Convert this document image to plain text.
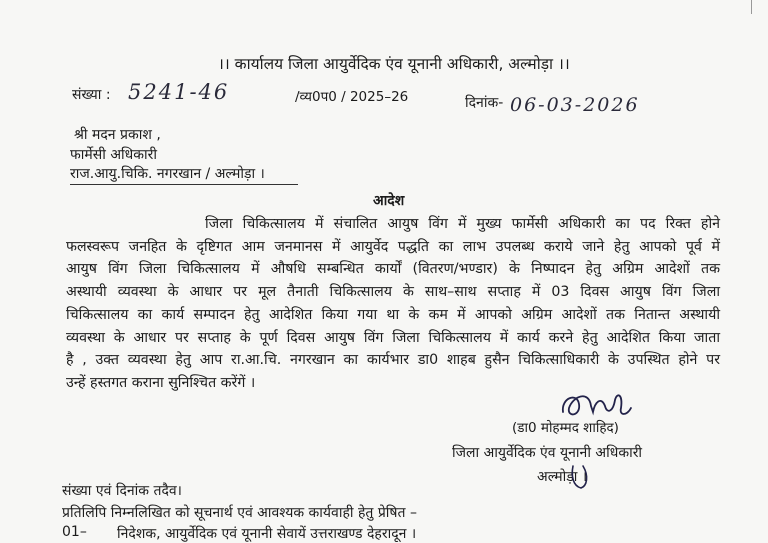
।। कार्यालय जिला आयुर्वेदिक एंव यूनानी अधिकारी, अल्मोड़ा ।।
संख्या : 5241-46	/व्य0प0 / 2025–26	दिनांक- 06-03-2026
श्री मदन प्रकाश ,
फार्मेसी अधिकारी
राज.आयु.चिकि. नगरखान / अल्मोड़ा ।
आदेश
जिला चिकित्सालय में संचालित आयुष विंग में मुख्य फार्मेसी अधिकारी का पद रिक्त होने
फलस्वरूप जनहित के दृष्टिगत आम जनमानस में आयुर्वेद पद्धति का लाभ उपलब्ध कराये जाने हेतु आपको पूर्व में
आयुष विंग जिला चिकित्सालय में औषधि सम्बन्धित कार्यों (वितरण/भण्डार) के निष्पादन हेतु अग्रिम आदेशों तक
अस्थायी व्यवस्था के आधार पर मूल तैनाती चिकित्सालय के साथ–साथ सप्ताह में 03 दिवस आयुष विंग जिला
चिकित्सालय का कार्य सम्पादन हेतु आदेशित किया गया था के कम में आपको अग्रिम आदेशों तक नितान्त अस्थायी
व्यवस्था के आधार पर सप्ताह के पूर्ण दिवस आयुष विंग जिला चिकित्सालय में कार्य करने हेतु आदेशित किया जाता
है , उक्त व्यवस्था हेतु आप रा.आ.चि. नगरखान का कार्यभार डा0 शाहब हुसैन चिकित्साधिकारी के उपस्थित होने पर
उन्हें हस्तगत कराना सुनिश्चित करेंगें ।
(डा0 मोहम्मद शाहिद)
जिला आयुर्वेदिक एंव यूनानी अधिकारी
अल्मोड़ा ।
संख्या एवं दिनांक तदैव।
प्रतिलिपि निम्नलिखित को सूचनार्थ एवं आवश्यक कार्यवाही हेतु प्रेषित –
01– निदेशक, आयुर्वेदिक एवं यूनानी सेवायें उत्तराखण्ड देहरादून ।
